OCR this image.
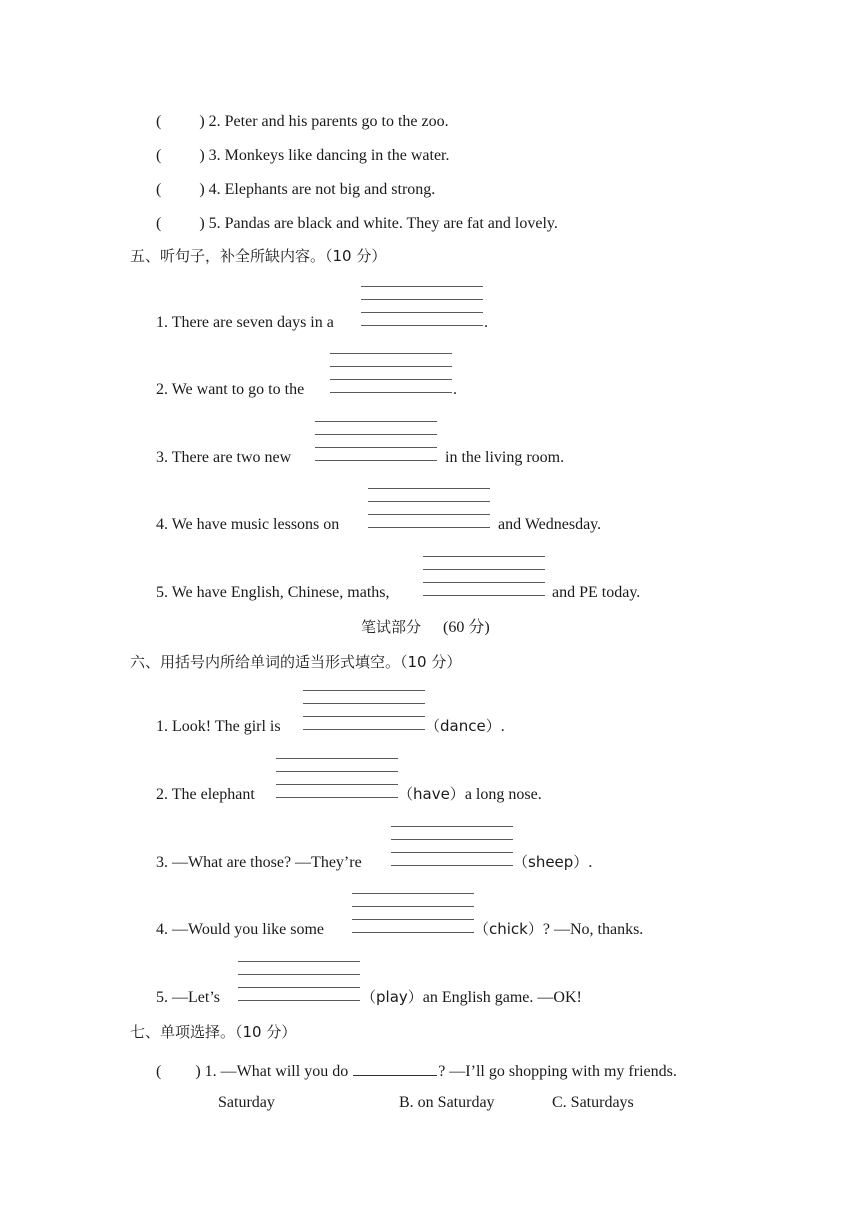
( ) 2. Peter and his parents go to the zoo.
( ) 3. Monkeys like dancing in the water.
( ) 4. Elephants are not big and strong.
( ) 5. Pandas are black and white. They are fat and lovely.
五、听句子，补全所缺内容。（10 分）
1. There are seven days in a	.
2. We want to go to the	.
3. There are two new	in the living room.
4. We have music lessons on	and Wednesday.
5. We have English, Chinese, maths,	and PE today.
笔试部分 (60 分)
六、用括号内所给单词的适当形式填空。（10 分）
1. Look! The girl is	（dance）.
2. The elephant	（have）a long nose.
3. —What are those? —They’re	（sheep）.
4. —Would you like some	（chick）? —No, thanks.
5. —Let’s	（play）an English game. —OK!
七、单项选择。（10 分）
( ) 1. —What will you do	? —I’ll go shopping with my friends.
Saturday	B. on Saturday	C. Saturdays
